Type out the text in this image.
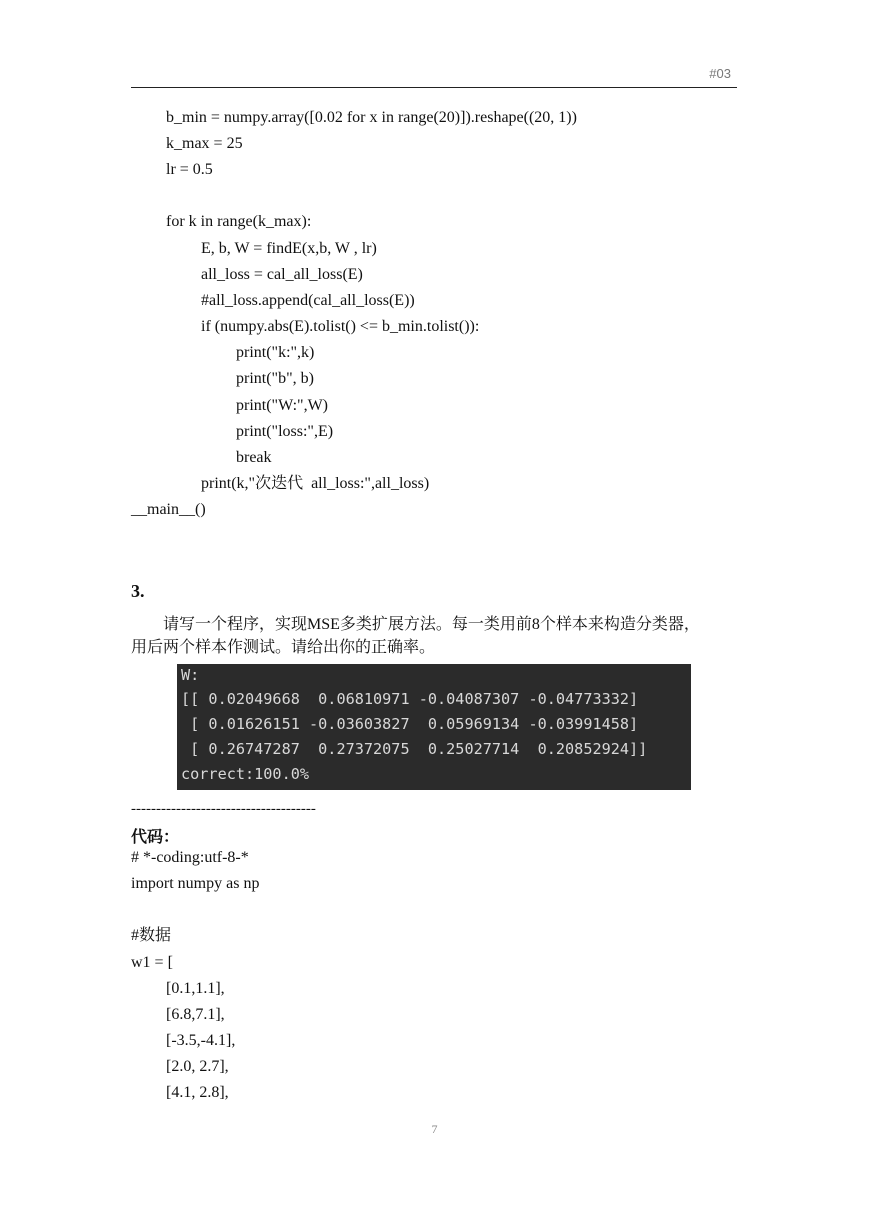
#03
b_min = numpy.array([0.02 for x in range(20)]).reshape((20, 1))
k_max = 25
lr = 0.5
for k in range(k_max):
E, b, W = findE(x,b, W , lr)
all_loss = cal_all_loss(E)
#all_loss.append(cal_all_loss(E))
if (numpy.abs(E).tolist() <= b_min.tolist()):
print("k:",k)
print("b", b)
print("W:",W)
print("loss:",E)
break
print(k,"次迭代  all_loss:",all_loss)
__main__()
3.
请写一个程序，实现MSE多类扩展方法。每一类用前8个样本来构造分类器，
用后两个样本作测试。请给出你的正确率。
W:
[[ 0.02049668  0.06810971 -0.04087307 -0.04773332]
[ 0.01626151 -0.03603827  0.05969134 -0.03991458]
[ 0.26747287  0.27372075  0.25027714  0.20852924]]
correct:100.0%
-------------------------------------
代码：
# *-coding:utf-8-*
import numpy as np
#数据
w1 = [
[0.1,1.1],
[6.8,7.1],
[-3.5,-4.1],
[2.0, 2.7],
[4.1, 2.8],
7
